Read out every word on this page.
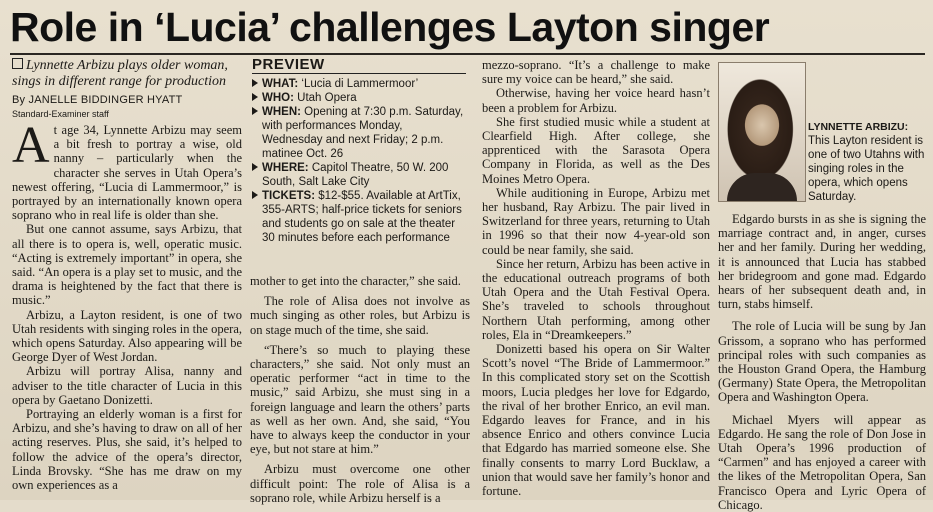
Role in ‘Lucia’ challenges Layton singer
Lynnette Arbizu plays older woman, sings in different range for production
By JANELLE BIDDINGER HYATT
Standard-Examiner staff

At age 34, Lynnette Arbizu may seem a bit fresh to portray a wise, old nanny – particularly when the character she serves in Utah Opera’s newest offering, “Lucia di Lammermoor,” is portrayed by an internationally known opera soprano who in real life is older than she.

But one cannot assume, says Arbizu, that all there is to opera is, well, operatic music. “Acting is extremely important” in opera, she said. “An opera is a play set to music, and the drama is heightened by the fact that there is music.”

Arbizu, a Layton resident, is one of two Utah residents with singing roles in the opera, which opens Saturday. Also appearing will be George Dyer of West Jordan.

Arbizu will portray Alisa, nanny and adviser to the title character of Lucia in this opera by Gaetano Donizetti.

Portraying an elderly woman is a first for Arbizu, and she’s having to draw on all of her acting reserves. Plus, she said, it’s helped to follow the advice of the opera’s director, Linda Brovsky. “She has me draw on my own experiences as a

PREVIEW

WHAT: ‘Lucia di Lammermoor’

WHO: Utah Opera

WHEN: Opening at 7:30 p.m. Saturday, with performances Monday, Wednesday and next Friday; 2 p.m. matinee Oct. 26

WHERE: Capitol Theatre, 50 W. 200 South, Salt Lake City

TICKETS: $12-$55. Available at ArtTix, 355-ARTS; half-price tickets for seniors and students go on sale at the theater 30 minutes before each performance

mother to get into the character,” she said.

The role of Alisa does not involve as much singing as other roles, but Arbizu is on stage much of the time, she said.

“There’s so much to playing these characters,” she said. Not only must an operatic performer “act in time to the music,” said Arbizu, she must sing in a foreign language and learn the others’ parts as well as her own. And, she said, “You have to always keep the conductor in your eye, but not stare at him.”

Arbizu must overcome one other difficult point: The role of Alisa is a soprano role, while Arbizu herself is a

mezzo-soprano. “It’s a challenge to make sure my voice can be heard,” she said.

Otherwise, having her voice heard hasn’t been a problem for Arbizu.

She first studied music while a student at Clearfield High. After college, she apprenticed with the Sarasota Opera Company in Florida, as well as the Des Moines Metro Opera.

While auditioning in Europe, Arbizu met her husband, Ray Arbizu. The pair lived in Switzerland for three years, returning to Utah in 1996 so that their now 4-year-old son could be near family, she said.

Since her return, Arbizu has been active in the educational outreach programs of both Utah Opera and the Utah Festival Opera. She’s traveled to schools throughout Northern Utah performing, among other roles, Ela in “Dreamkeepers.”

Donizetti based his opera on Sir Walter Scott’s novel “The Bride of Lammermoor.” In this complicated story set on the Scottish moors, Lucia pledges her love for Edgardo, the rival of her brother Enrico, an evil man. Edgardo leaves for France, and in his absence Enrico and others convince Lucia that Edgardo has married someone else. She finally consents to marry Lord Bucklaw, a union that would save her family’s honor and fortune.

LYNNETTE ARBIZU:
This Layton resident is one of two Utahns with singing roles in the opera, which opens Saturday.

Edgardo bursts in as she is signing the marriage contract and, in anger, curses her and her family. During her wedding, it is announced that Lucia has stabbed her bridegroom and gone mad. Edgardo hears of her subsequent death and, in turn, stabs himself.

The role of Lucia will be sung by Jan Grissom, a soprano who has performed principal roles with such companies as the Houston Grand Opera, the Hamburg (Germany) State Opera, the Metropolitan Opera and Washington Opera.

Michael Myers will appear as Edgardo. He sang the role of Don Jose in Utah Opera’s 1996 production of “Carmen” and has enjoyed a career with the likes of the Metropolitan Opera, San Francisco Opera and Lyric Opera of Chicago.
